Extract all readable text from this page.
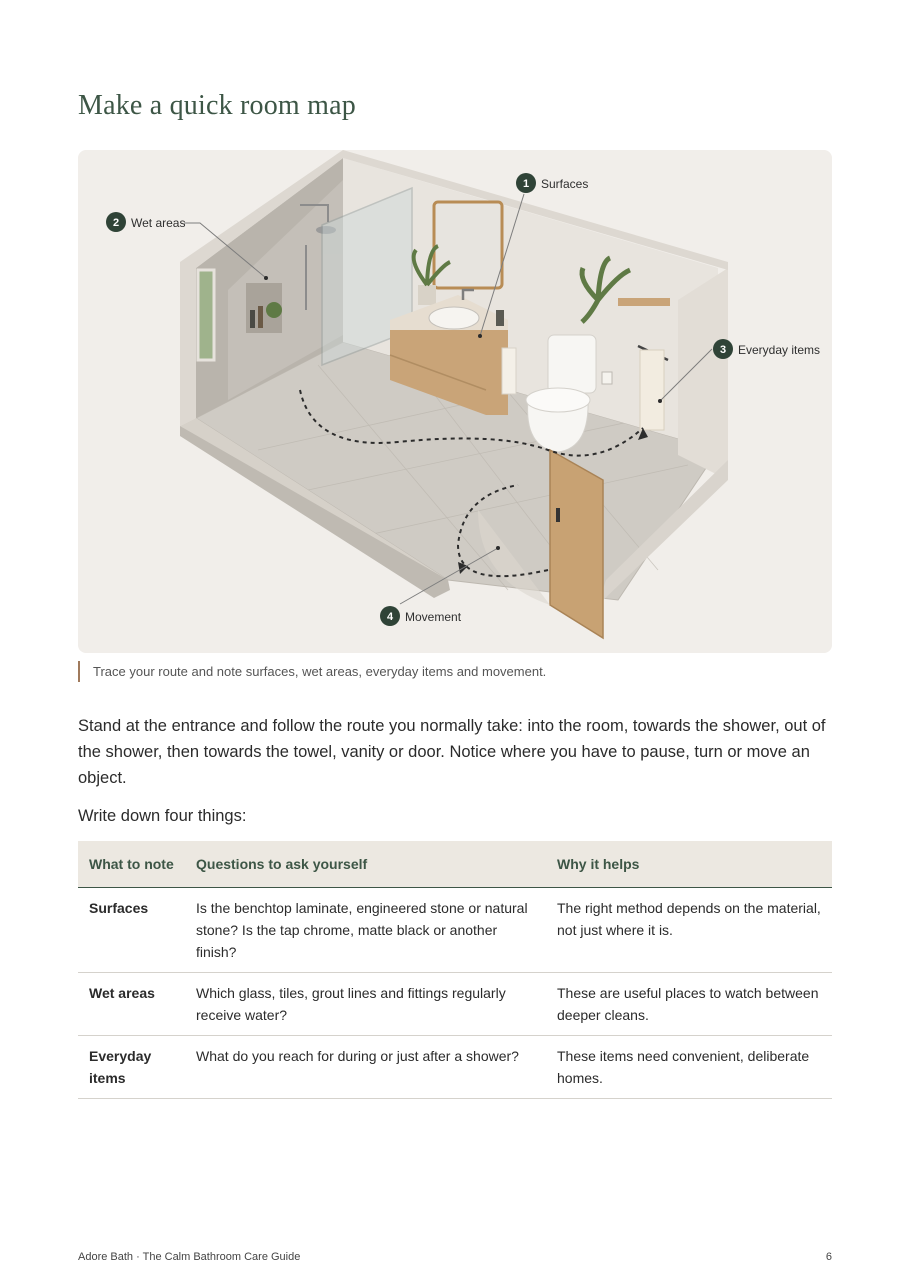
Make a quick room map
1 Surfaces
2 Wet areas
3 Everyday items
4 Movement
Trace your route and note surfaces, wet areas, everyday items and movement.

Stand at the entrance and follow the route you normally take: into the room, towards the shower, out of the shower, then towards the towel, vanity or door. Notice where you have to pause, turn or move an object.

Write down four things:

What to note	Questions to ask yourself	Why it helps
Surfaces	Is the benchtop laminate, engineered stone or natural stone? Is the tap chrome, matte black or another finish?	The right method depends on the material, not just where it is.
Wet areas	Which glass, tiles, grout lines and fittings regularly receive water?	These are useful places to watch between deeper cleans.
Everyday items	What do you reach for during or just after a shower?	These items need convenient, deliberate homes.
Adore Bath · The Calm Bathroom Care Guide	6
